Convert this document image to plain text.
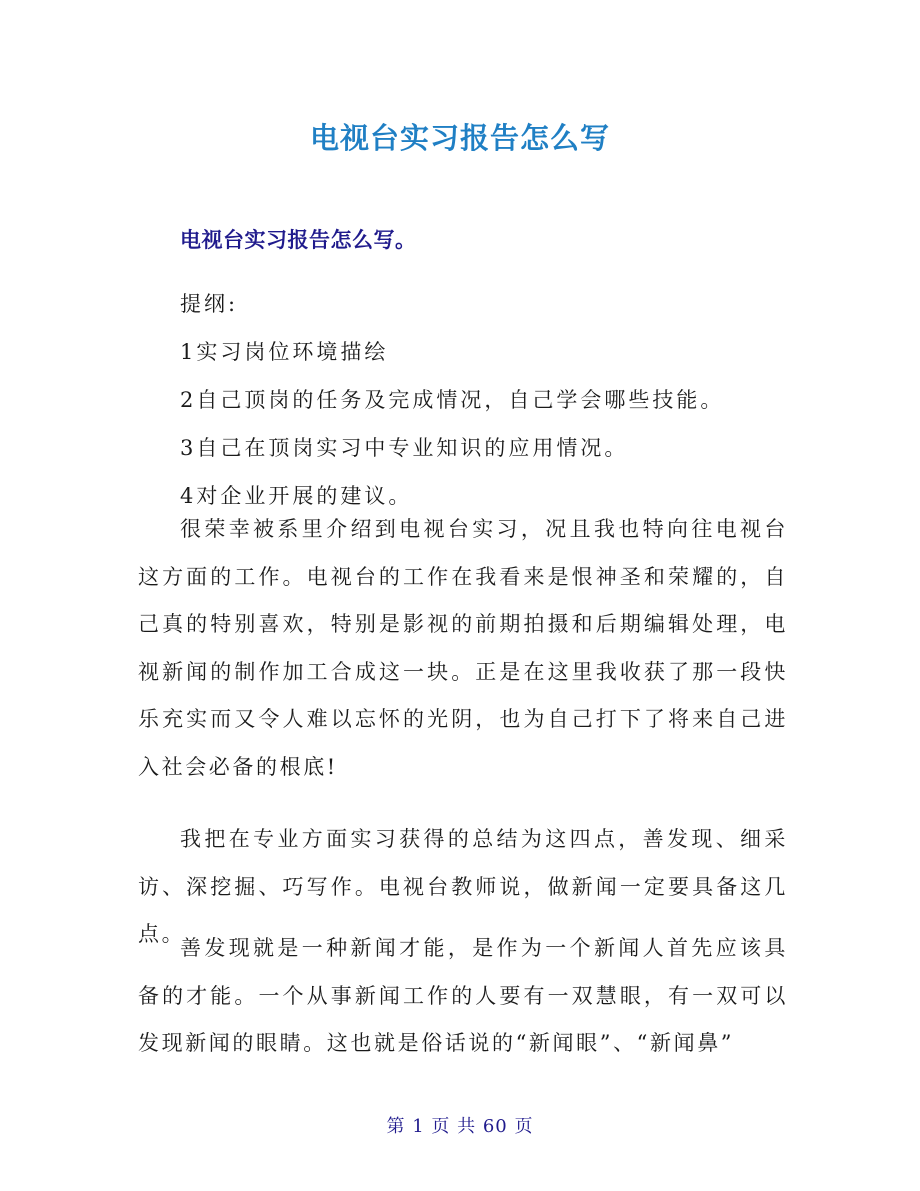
电视台实习报告怎么写
电视台实习报告怎么写。
提纲:
1实习岗位环境描绘
2自己顶岗的任务及完成情况，自己学会哪些技能。
3自己在顶岗实习中专业知识的应用情况。
4对企业开展的建议。

很荣幸被系里介绍到电视台实习，况且我也特向往电视台这方面的工作。电视台的工作在我看来是恨神圣和荣耀的，自己真的特别喜欢，特别是影视的前期拍摄和后期编辑处理，电视新闻的制作加工合成这一块。正是在这里我收获了那一段快乐充实而又令人难以忘怀的光阴，也为自己打下了将来自己进入社会必备的根底!

我把在专业方面实习获得的总结为这四点，善发现、细采访、深挖掘、巧写作。电视台教师说，做新闻一定要具备这几点。

善发现就是一种新闻才能，是作为一个新闻人首先应该具备的才能。一个从事新闻工作的人要有一双慧眼，有一双可以发现新闻的眼睛。这也就是俗话说的“新闻眼”、“新闻鼻”

第 1 页 共 60 页
